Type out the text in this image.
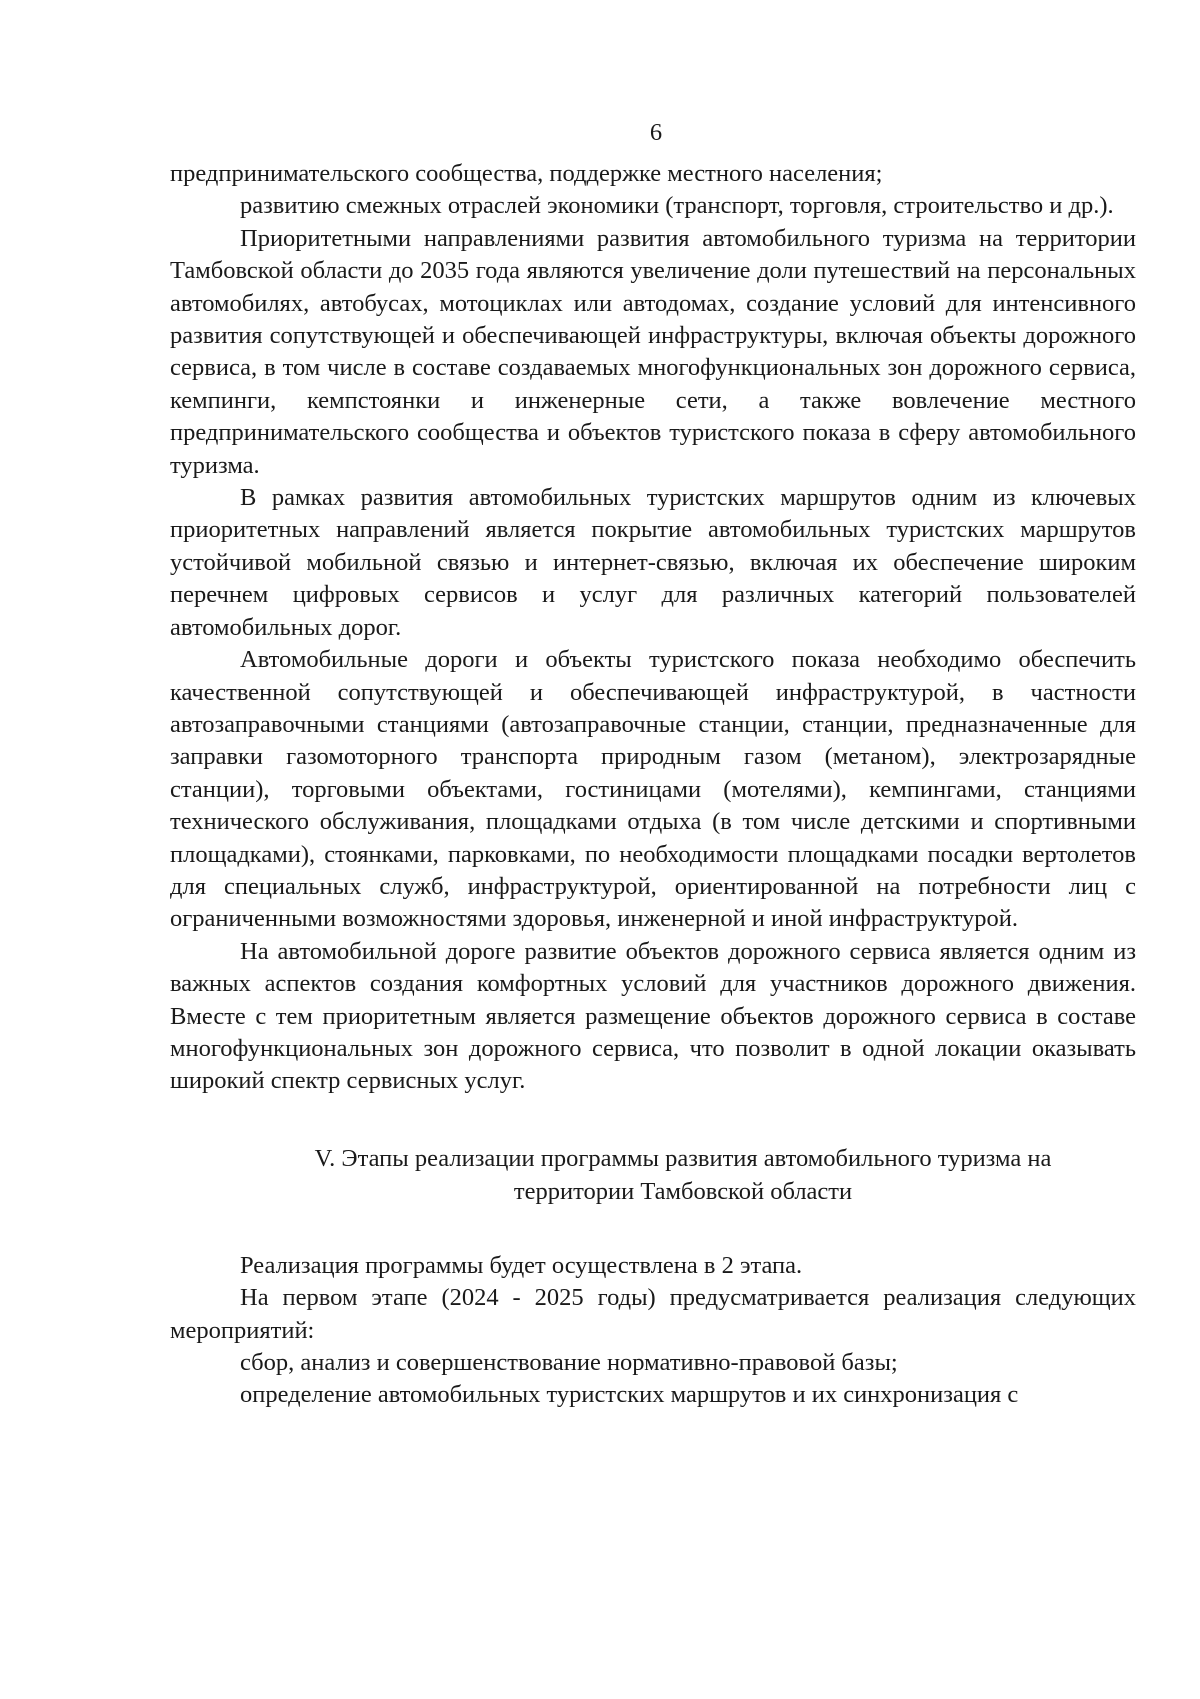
6

предпринимательского сообщества, поддержке местного населения;

развитию смежных отраслей экономики (транспорт, торговля, строительство и др.).

Приоритетными направлениями развития автомобильного туризма на территории Тамбовской области до 2035 года являются увеличение доли путешествий на персональных автомобилях, автобусах, мотоциклах или автодомах, создание условий для интенсивного развития сопутствующей и обеспечивающей инфраструктуры, включая объекты дорожного сервиса, в том числе в составе создаваемых многофункциональных зон дорожного сервиса, кемпинги, кемпстоянки и инженерные сети, а также вовлечение местного предпринимательского сообщества и объектов туристского показа в сферу автомобильного туризма.

В рамках развития автомобильных туристских маршрутов одним из ключевых приоритетных направлений является покрытие автомобильных туристских маршрутов устойчивой мобильной связью и интернет-связью, включая их обеспечение широким перечнем цифровых сервисов и услуг для различных категорий пользователей автомобильных дорог.

Автомобильные дороги и объекты туристского показа необходимо обеспечить качественной сопутствующей и обеспечивающей инфраструктурой, в частности автозаправочными станциями (автозаправочные станции, станции, предназначенные для заправки газомоторного транспорта природным газом (метаном), электрозарядные станции), торговыми объектами, гостиницами (мотелями), кемпингами, станциями технического обслуживания, площадками отдыха (в том числе детскими и спортивными площадками), стоянками, парковками, по необходимости площадками посадки вертолетов для специальных служб, инфраструктурой, ориентированной на потребности лиц с ограниченными возможностями здоровья, инженерной и иной инфраструктурой.

На автомобильной дороге развитие объектов дорожного сервиса является одним из важных аспектов создания комфортных условий для участников дорожного движения. Вместе с тем приоритетным является размещение объектов дорожного сервиса в составе многофункциональных зон дорожного сервиса, что позволит в одной локации оказывать широкий спектр сервисных услуг.

V. Этапы реализации программы развития автомобильного туризма на
территории Тамбовской области

Реализация программы будет осуществлена в 2 этапа.

На первом этапе (2024 - 2025 годы) предусматривается реализация следующих мероприятий:

сбор, анализ и совершенствование нормативно-правовой базы;

определение автомобильных туристских маршрутов и их синхронизация с
